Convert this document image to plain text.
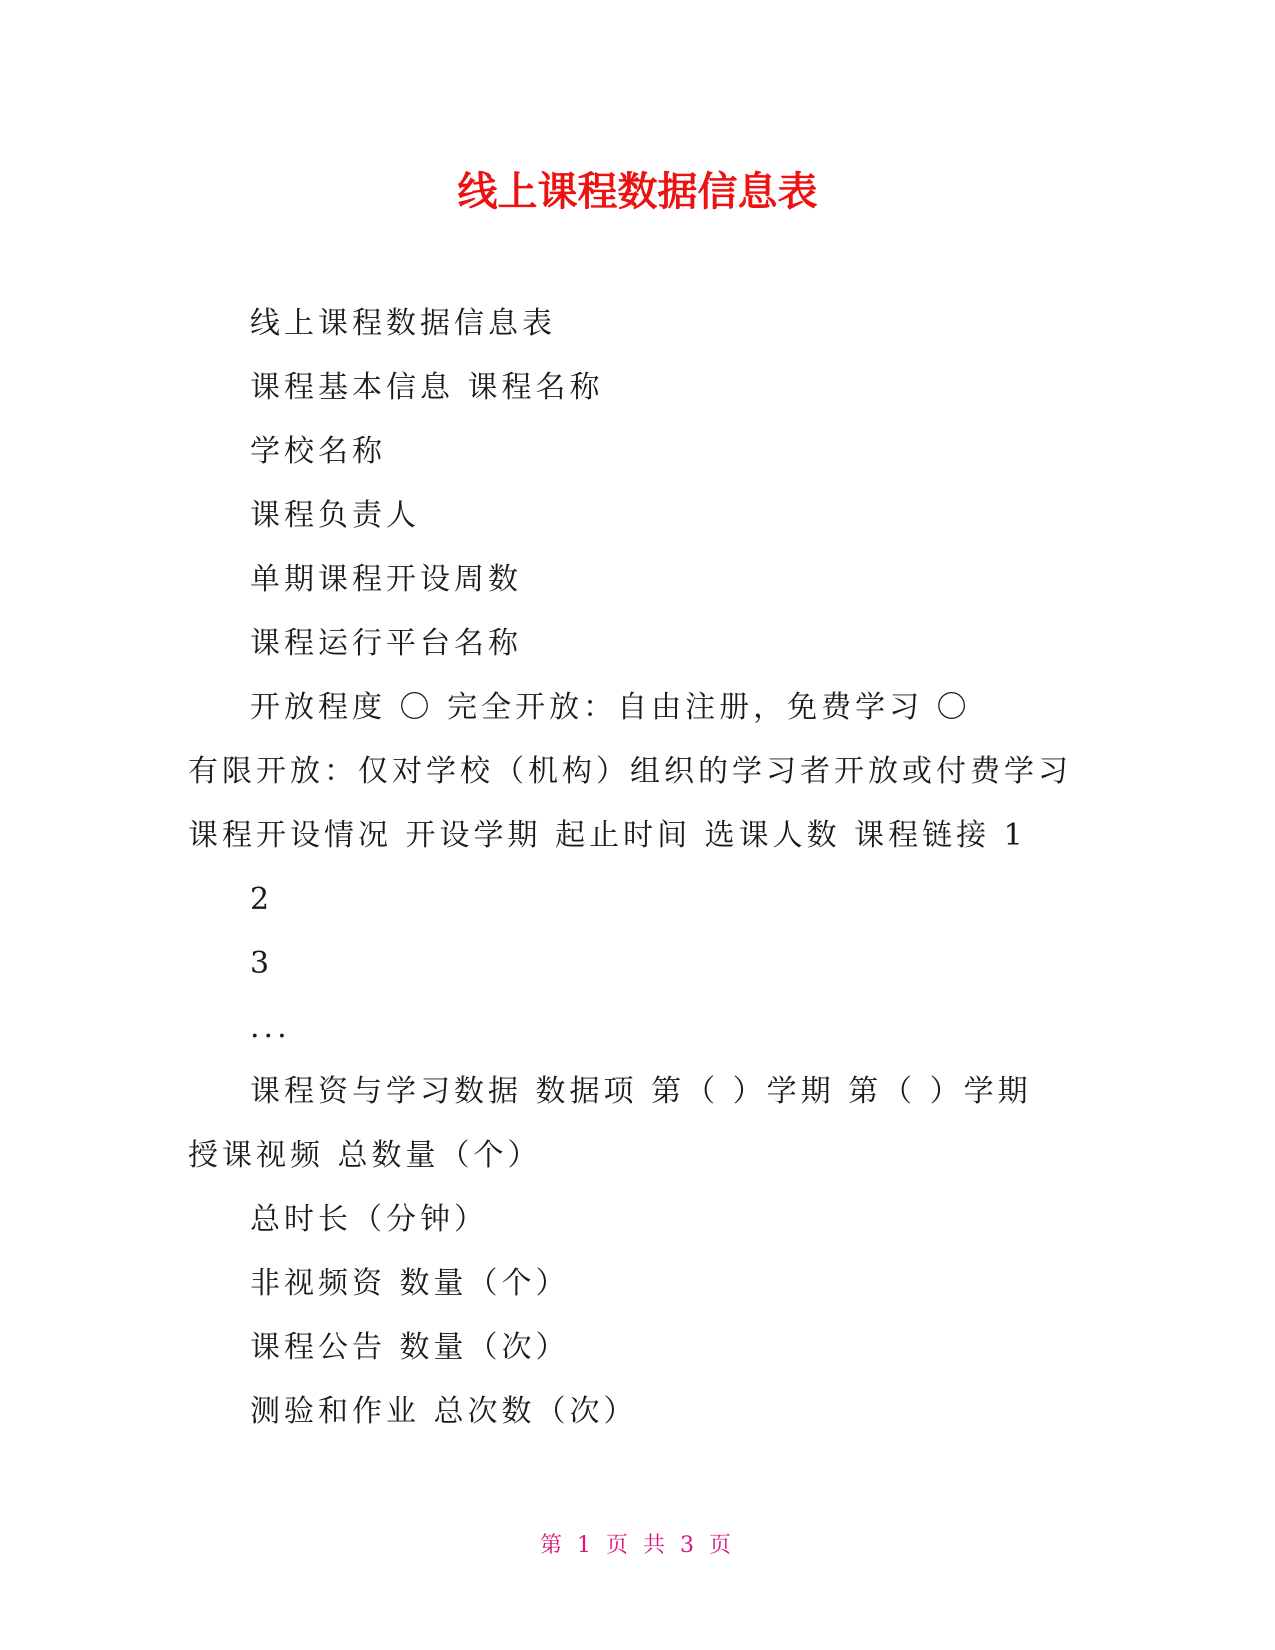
线上课程数据信息表
线上课程数据信息表
课程基本信息 课程名称
学校名称
课程负责人
单期课程开设周数
课程运行平台名称
开放程度 〇 完全开放：自由注册，免费学习 〇
有限开放：仅对学校（机构）组织的学习者开放或付费学习
课程开设情况 开设学期 起止时间 选课人数 课程链接 1
2
3
...
课程资与学习数据 数据项 第（ ）学期 第（ ）学期
授课视频 总数量（个）
总时长（分钟）
非视频资 数量（个）
课程公告 数量（次）
测验和作业 总次数（次）
第 1 页 共 3 页
